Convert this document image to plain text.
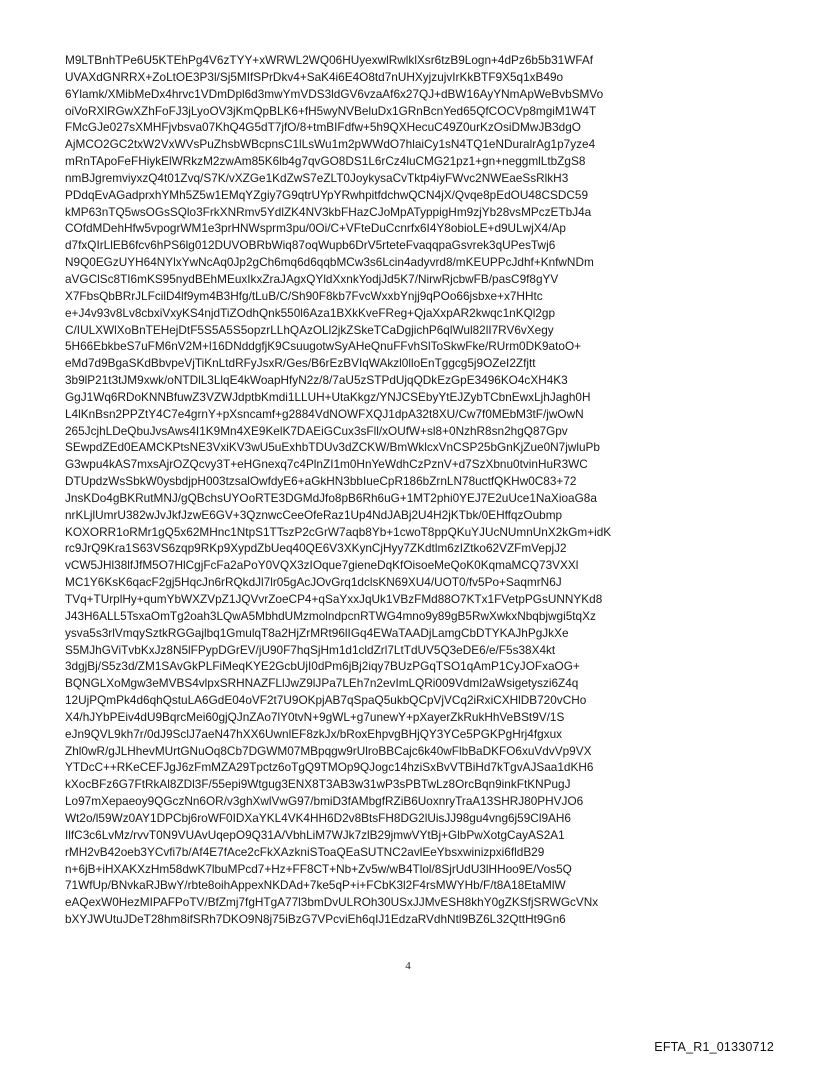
M9LTBnhTPe6U5KTEhPg4V6zTYY+xWRWL2WQ06HUyexwlRwlklXsr6tzB9Logn+4dPz6b5b31WFAf
UVAXdGNRRX+ZoLtOE3P3l/Sj5MIfSPrDkv4+SaK4i6E4O8td7nUHXyjzujvIrKkBTF9X5q1xB49o
6Ylamk/XMibMeDx4hrvc1VDmDpl6d3mwYmVDS3ldGV6vzaAf6x27QJ+dBW16AyYNmApWeBvbSMVo
oiVoRXlRGwXZhFoFJ3jLyoOV3jKmQpBLK6+fH5wyNVBeluDx1GRnBcnYed65QfCOCVp8mgiM1W4T
FMcGJe027sXMHFjvbsva07KhQ4G5dT7jfO/8+tmBIFdfw+5h9QXHecuC49Z0urKzOsiDMwJB3dgO
AjMCO2GC2txW2VxWVsPuZhsbWBcpnsC1lLsWu1m2pWWdO7hlaiCy1sN4TQ1eNDuralrAg1p7yze4
mRnTApoFeFHiykElWRkzM2zwAm85K6lb4g7qvGO8DS1L6rCz4luCMG21pz1+gn+neggmlLtbZgS8
nmBJgremviyxzQ4t01Zvq/S7K/vXZGe1KdZwS7eZLT0JoykysaCvTktp4iyFWvc2NWEaeSsRlkH3
PDdqEvAGadprxhYMh5Z5w1EMqYZgiy7G9qtrUYpYRwhpitfdchwQCN4jX/Qvqe8pEdOU48CSDC59
kMP63nTQ5wsOGsSQlo3FrkXNRmv5YdlZK4NV3kbFHazCJoMpATyppigHm9zjYb28vsMPczETbJ4a
COfdMDehHfw5vpogrWM1e3prHNWsprm3pu/0Oi/C+VFteDuCcnrfx6I4Y8obioLE+d9ULwjX4/Ap
d7fxQIrLlEB6fcv6hPS6lg012DUVOBRbWiq87oqWupb6DrV5rteteFvaqqpaGsvrek3qUPesTwj6
N9Q0EGzUYH64NYlxYwNcAq0Jp2gCh6mq6d6qqbMCw3s6Lcin4adyvrd8/mKEUPPcJdhf+KnfwNDm
aVGClSc8TI6mKS95nydBEhMEuxIkxZraJAgxQYldXxnkYodjJd5K7/NirwRjcbwFB/pasC9f8gYV
X7FbsQbBRrJLFcilD4lf9ym4B3Hfg/tLuB/C/Sh90F8kb7FvcWxxbYnjj9qPOo66jsbxe+x7HHtc
e+J4v93v8Lv8cbxiVxyKS4njdTiZOdhQnk550l6Aza1BXkKveFReg+QjaXxpAR2kwqc1nKQl2gp
C/IULXWlXoBnTEHejDtF5S5A5S5opzrLLhQAzOLl2jkZSkeTCaDgjichP6qlWul82lI7RV6vXegy
5H66EbkbeS7uFM6nV2M+l16DNddgfjK9CsuugotwSyAHeQnuFFvhSlToSkwFke/RUrm0DK9atoO+
eMd7d9BgaSKdBbvpeVjTiKnLtdRFyJsxR/Ges/B6rEzBVIqWAkzl0lloEnTggcg5j9OZeI2Zfjtt
3b9lP21t3tJM9xwk/oNTDlL3LlqE4kWoapHfyN2z/8/7aU5zSTPdUjqQDkEzGpE3496KO4cXH4K3
GgJ1Wq6RDoKNNBfuwZ3VZWJdptbKmdi1LLUH+UtaKkgz/YNJCSEbyYtEJZybTCbnEwxLjhJagh0H
L4lKnBsn2PPZtY4C7e4grnY+pXsncamf+g2884VdNOWFXQJ1dpA32t8XU/Cw7f0MEbM3tF/jwOwN
265JcjhLDeQbuJvsAws4I1K9Mn4XE9KelK7DAEiGCux3sFll/xOUfW+sl8+0NzhR8sn2hgQ87Gpv
SEwpdZEd0EAMCKPtsNE3VxiKV3wU5uExhbTDUv3dZCKW/BmWklcxVnCSP25bGnKjZue0N7jwluPb
G3wpu4kAS7mxsAjrOZQcvy3T+eHGnexq7c4PlnZI1m0HnYeWdhCzPznV+d7SzXbnu0tvinHuR3WC
DTUpdzWsSbkW0ysbdjpH003tzsalOwfdyE6+aGkHN3bbIueCpR186bZrnLN78uctfQKHw0C83+72
JnsKDo4gBKRutMNJ/gQBchsUYOoRTE3DGMdJfo8pB6Rh6uG+1MT2phi0YEJ7E2uUce1NaXioaG8a
nrKLjlUmrU382wJvJkfJzwE6GV+3QznwcCeeOfeRaz1Up4NdJABj2U4H2jKTbk/0EHffqzOubmp
KOXORR1oRMr1gQ5x62MHnc1NtpS1TTszP2cGrW7aqb8Yb+1cwoT8ppQKuYJUcNUmnUnX2kGm+idK
rc9JrQ9Kra1S63VS6zqp9RKp9XypdZbUeq40QE6V3XKynCjHyy7ZKdtlm6zIZtko62VZFmVepjJ2
vCW5JHl38lfJfM5O7HlCgjFcFa2aPoY0VQX3zIOque7gieneDqKfOisoeMeQoK0KqmaMCQ73VXXl
MC1Y6KsK6qacF2gj5HqcJn6rRQkdJl7lr05gAcJOvGrq1dclsKN69XU4/UOT0/fv5Po+SaqmrN6J
TVq+TUrplHy+qumYbWXZVpZ1JQVvrZoeCP4+qSaYxxJqUk1VBzFMd88O7KTx1FVetpPGsUNNYKd8
J43H6ALL5TsxaOmTg2oah3LQwA5MbhdUMzmolndpcnRTWG4mno9y89gB5RwXwkxNbqbjwgi5tqXz
ysva5s3rlVmqySztkRGGajlbq1GmulqT8a2HjZrMRt96lIGq4EWaTAADjLamgCbDTYKAJhPgJkXe
S5MJhGViTvbKxJz8N5lFPypDGrEV/jU90F7hqSjHm1d1cldZrl7LtTdUV5Q3eDE6/e/F5s38X4kt
3dgjBj/S5z3d/ZM1SAvGkPLFiMeqKYE2GcbUjI0dPm6jBj2iqy7BUzPGqTSO1qAmP1CyJOFxaOG+
BQNGLXoMgw3eMVBS4vlpxSRHNAZFLlJwZ9lJPa7LEh7n2evImLQRi009Vdml2aWsigetyszi6Z4q
12UjPQmPk4d6qhQstuLA6GdE04oVF2t7U9OKpjAB7qSpaQ5ukbQCpVjVCq2iRxiCXHlDB720vCHo
X4/hJYbPEiv4dU9BqrcMei60gjQJnZAo7lY0tvN+9gWL+g7unewY+pXayerZkRukHhVeBSt9V/1S
eJn9QVL9kh7r/0dJ9SclJ7aeN47hXX6UwnlEF8zkJx/bRoxEhpvgBHjQY3YCe5PGKPgHrj4fgxux
Zhl0wR/gJLHhevMUrtGNuOq8Cb7DGWM07MBpqgw9rUlroBBCajc6k40wFlbBaDKFO6xuVdvVp9VX
YTDcC++RKeCEFJgJ6zFmMZA29Tpctz6oTgQ9TMOp9QJogc14hziSxBvVTBiHd7kTgvAJSaa1dKH6
kXocBFz6G7FtRkAl8ZDl3F/55epi9Wtgug3ENX8T3AB3w31wP3sPBTwLz8OrcBqn9inkFtKNPugJ
Lo97mXepaeoy9QGczNn6OR/v3ghXwlVwG97/bmiD3fAMbgfRZiB6UoxnryTraA13SHRJ80PHVJO6
Wt2o/l59Wz0AY1DPCbj6roWF0IDXaYKL4VK4HH6D2v8BtsFH8DG2lUisJJ98gu4vng6j59Cl9AH6
IlfC3c6LvMz/rvvT0N9VUAvUqepO9Q31A/VbhLiM7WJk7zlB29jmwVYtBj+GlbPwXotgCayAS2A1
rMH2vB42oeb3YCvfi7b/Af4E7fAce2cFkXAzkniSToaQEaSUTNC2avlEeYbsxwinizpxi6fldB29
n+6jB+iHXAKXzHm58dwK7lbuMPcd7+Hz+FF8CT+Nb+Zv5w/wB4Tlol/8SjrUdU3lHHoo9E/Vos5Q
71WfUp/BNvkaRJBwY/rbte8oihAppexNKDAd+7ke5qP+i+FCbK3l2F4rsMWYHb/F/t8A18EtaMlW
eAQexW0HezMIPAFPoTV/BfZmj7fgHTgA77l3bmDvULROh30USxJJMvESH8khY0gZKSfjSRWGcVNx
bXYJWUtuJDeT28hm8ifSRh7DKO9N8j75iBzG7VPcviEh6qIJ1EdzaRVdhNtl9BZ6L32QttHt9Gn6
4
EFTA_R1_01330712
